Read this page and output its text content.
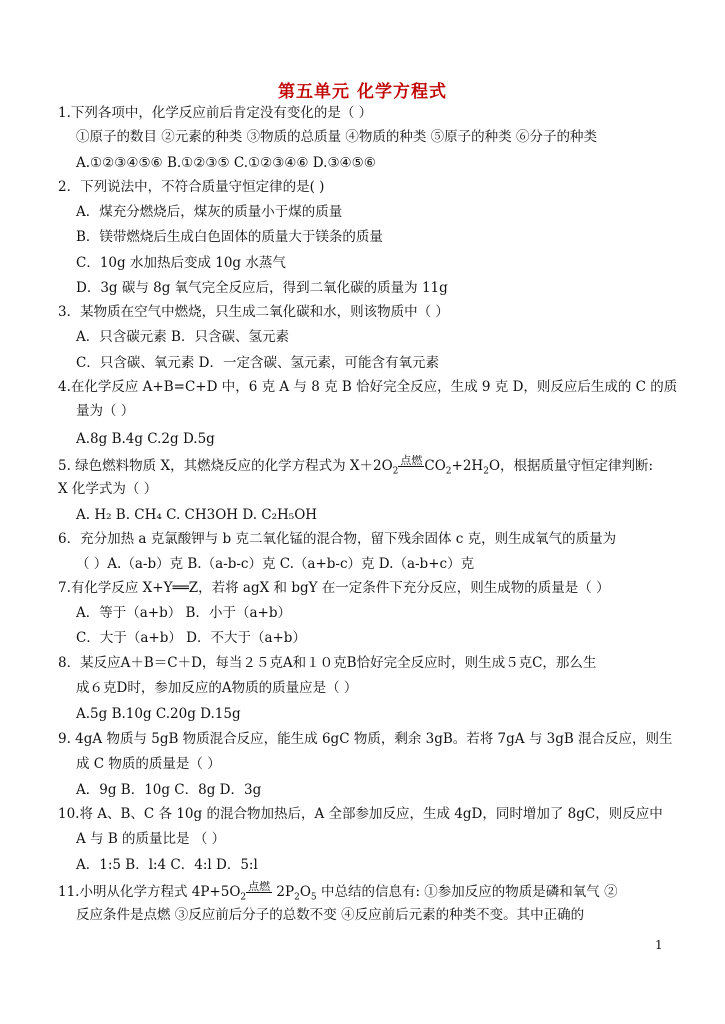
第五单元 化学方程式
1.下列各项中，化学反应前后肯定没有变化的是（ ）
①原子的数目 ②元素的种类 ③物质的总质量 ④物质的种类 ⑤原子的种类 ⑥分子的种类
A.①②③④⑤⑥ B.①②③⑤ C.①②③④⑥ D.③④⑤⑥
2．下列说法中，不符合质量守恒定律的是( )
A．煤充分燃烧后，煤灰的质量小于煤的质量
B．镁带燃烧后生成白色固体的质量大于镁条的质量
C．10g 水加热后变成 10g 水蒸气
D．3g 碳与 8g 氧气完全反应后，得到二氧化碳的质量为 11g
3．某物质在空气中燃烧，只生成二氧化碳和水，则该物质中（ ）
A．只含碳元素 B．只含碳、氢元素
C．只含碳、氧元素 D．一定含碳、氢元素，可能含有氧元素
4.在化学反应 A+B=C+D 中，6 克 A 与 8 克 B 恰好完全反应，生成 9 克 D，则反应后生成的 C 的质
量为（ ）
A.8g B.4g C.2g D.5g
5. 绿色燃料物质 X，其燃烧反应的化学方程式为 $X+2O_2$点燃 $CO_2+2H_2O$，根据质量守恒定律判断:
X 化学式为（ ）
A. H₂ B. CH₄ C. CH3OH D. C₂H₅OH
6．充分加热 a 克氯酸钾与 b 克二氧化锰的混合物，留下残余固体 c 克，则生成氧气的质量为
（ ）A.（a-b）克 B.（a-b-c）克 C.（a+b-c）克 D.（a-b+c）克
7.有化学反应 X+Y══Z，若将 agX 和 bgY 在一定条件下充分反应，则生成物的质量是（ ）
A．等于（a+b） B．小于（a+b）
C．大于（a+b） D．不大于（a+b）
8．某反应A＋B＝C＋D，每当２５克A和１０克B恰好完全反应时，则生成５克C，那么生
成６克D时，参加反应的A物质的质量应是（ ）
A.5g B.10g C.20g D.15g
9. 4gA 物质与 5gB 物质混合反应，能生成 6gC 物质，剩余 3gB。若将 7gA 与 3gB 混合反应，则生
成 C 物质的质量是（ ）
A．9g B．10g C．8g D．3g
10.将 A、B、C 各 10g 的混合物加热后，A 全部参加反应，生成 4gD，同时增加了 8gC，则反应中
A 与 B 的质量比是 （ ）
A．1:5 B．l:4 C．4:l D．5:l
11.小明从化学方程式 $4P+5O_2$点燃 $2P_2O_5$ 中总结的信息有: ①参加反应的物质是磷和氧气 ②
反应条件是点燃 ③反应前后分子的总数不变 ④反应前后元素的种类不变。其中正确的
1
